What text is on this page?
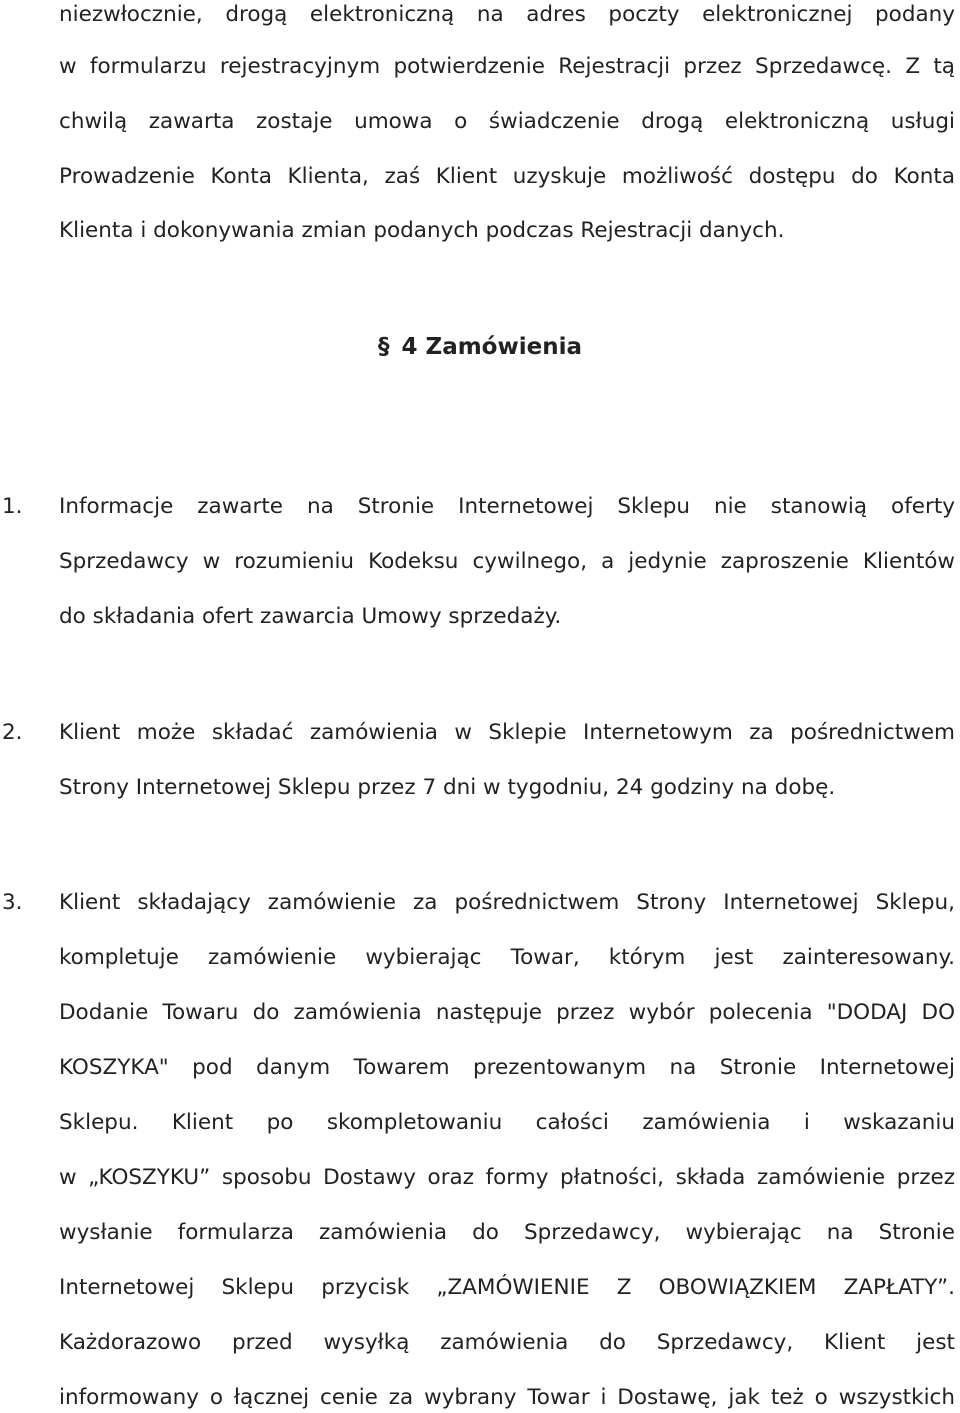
niezwłocznie, drogą elektroniczną na adres poczty elektronicznej podany
w formularzu rejestracyjnym potwierdzenie Rejestracji przez Sprzedawcę. Z tą
chwilą zawarta zostaje umowa o świadczenie drogą elektroniczną usługi
Prowadzenie Konta Klienta, zaś Klient uzyskuje możliwość dostępu do Konta
Klienta i dokonywania zmian podanych podczas Rejestracji danych.
§ 4 Zamówienia
1. Informacje zawarte na Stronie Internetowej Sklepu nie stanowią oferty
Sprzedawcy w rozumieniu Kodeksu cywilnego, a jedynie zaproszenie Klientów
do składania ofert zawarcia Umowy sprzedaży.
2. Klient może składać zamówienia w Sklepie Internetowym za pośrednictwem
Strony Internetowej Sklepu przez 7 dni w tygodniu, 24 godziny na dobę.
3. Klient składający zamówienie za pośrednictwem Strony Internetowej Sklepu,
kompletuje zamówienie wybierając Towar, którym jest zainteresowany.
Dodanie Towaru do zamówienia następuje przez wybór polecenia "DODAJ DO
KOSZYKA" pod danym Towarem prezentowanym na Stronie Internetowej
Sklepu. Klient po skompletowaniu całości zamówienia i wskazaniu
w „KOSZYKU” sposobu Dostawy oraz formy płatności, składa zamówienie przez
wysłanie formularza zamówienia do Sprzedawcy, wybierając na Stronie
Internetowej Sklepu przycisk „ZAMÓWIENIE Z OBOWIĄZKIEM ZAPŁATY”.
Każdorazowo przed wysyłką zamówienia do Sprzedawcy, Klient jest
informowany o łącznej cenie za wybrany Towar i Dostawę, jak też o wszystkich
